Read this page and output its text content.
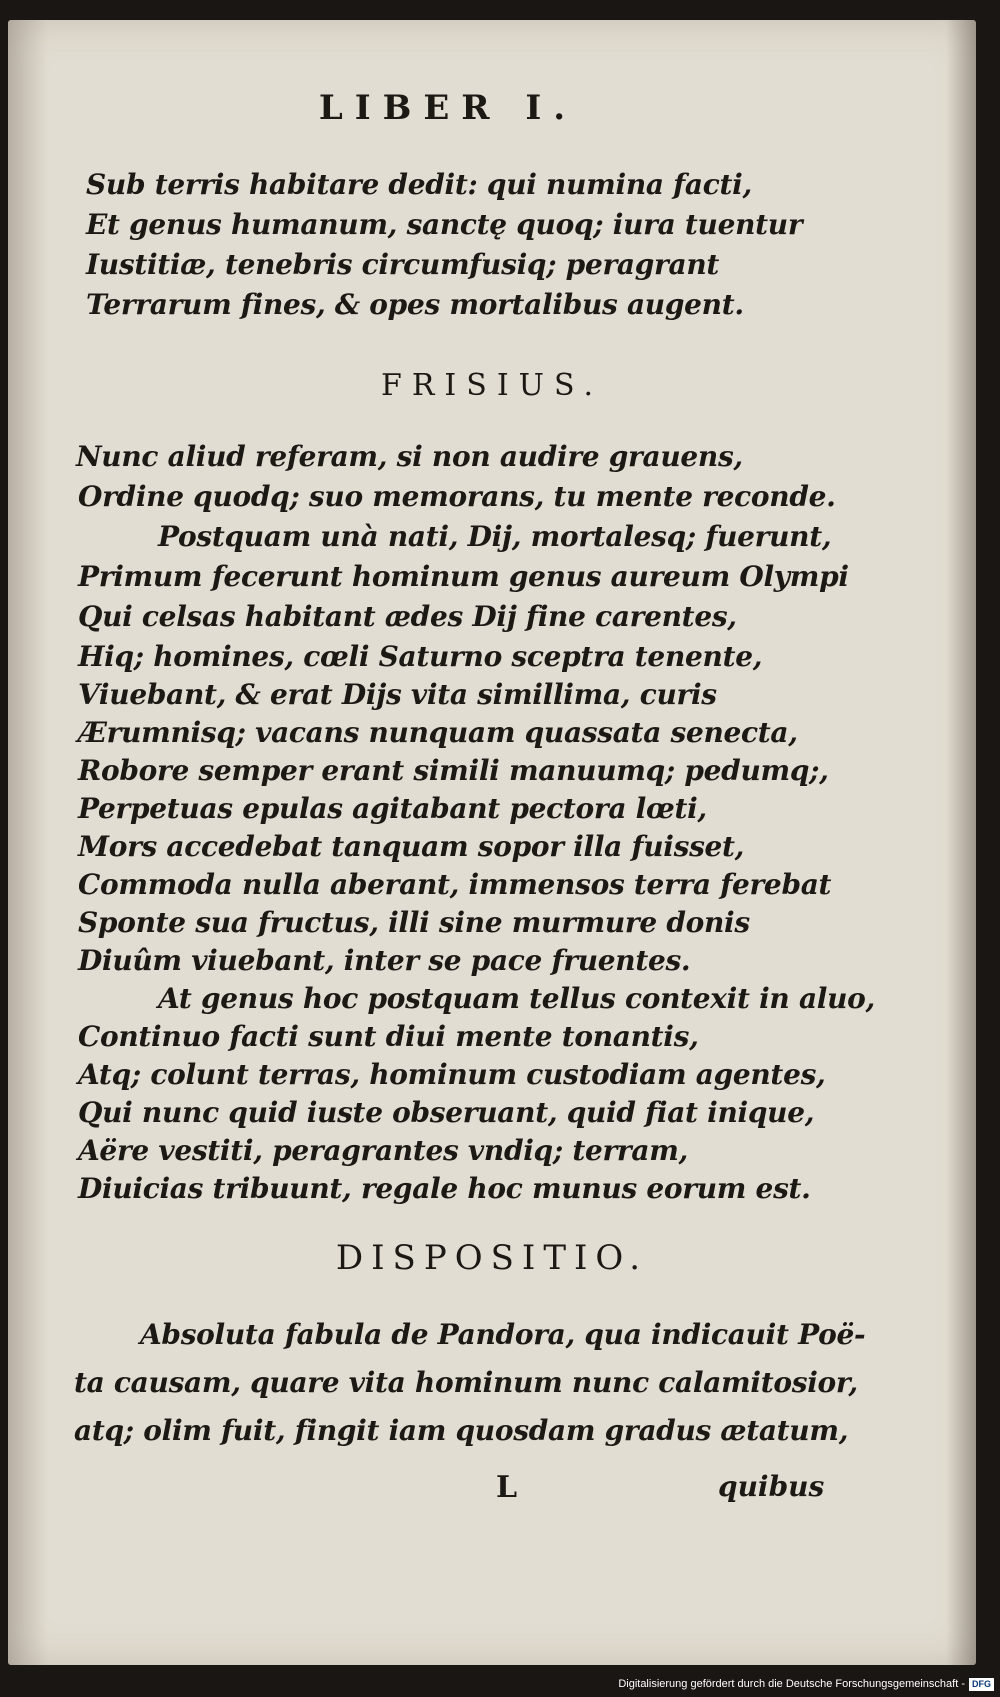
LIBER I.
Sub terris habitare dedit: qui numina facti,
Et genus humanum, sanctę quoq; iura tuentur
Iustitiæ, tenebris circumfusiq; peragrant
Terrarum fines, & opes mortalibus augent.
FRISIUS.
Nunc aliud referam, si non audire grauens,
Ordine quodq; suo memorans, tu mente reconde.
Postquam unà nati, Dij, mortalesq; fuerunt,
Primum fecerunt hominum genus aureum Olympi
Qui celsas habitant ædes Dij fine carentes,
Hiq; homines, cœli Saturno sceptra tenente,
Viuebant, & erat Dijs vita simillima, curis
Ærumnisq; vacans nunquam quassata senecta,
Robore semper erant simili manuumq; pedumq;,
Perpetuas epulas agitabant pectora lœti,
Mors accedebat tanquam sopor illa fuisset,
Commoda nulla aberant, immensos terra ferebat
Sponte sua fructus, illi sine murmure donis
Diuûm viuebant, inter se pace fruentes.
At genus hoc postquam tellus contexit in aluo,
Continuo facti sunt diui mente tonantis,
Atq; colunt terras, hominum custodiam agentes,
Qui nunc quid iuste obseruant, quid fiat inique,
Aëre vestiti, peragrantes vndiq; terram,
Diuicias tribuunt, regale hoc munus eorum est.
DISPOSITIO.
Absoluta fabula de Pandora, qua indicauit Poë-
ta causam, quare vita hominum nunc calamitosior,
atq; olim fuit, fingit iam quosdam gradus ætatum,
L	quibus
Digitalisierung gefördert durch die Deutsche Forschungsgemeinschaft - DFG
